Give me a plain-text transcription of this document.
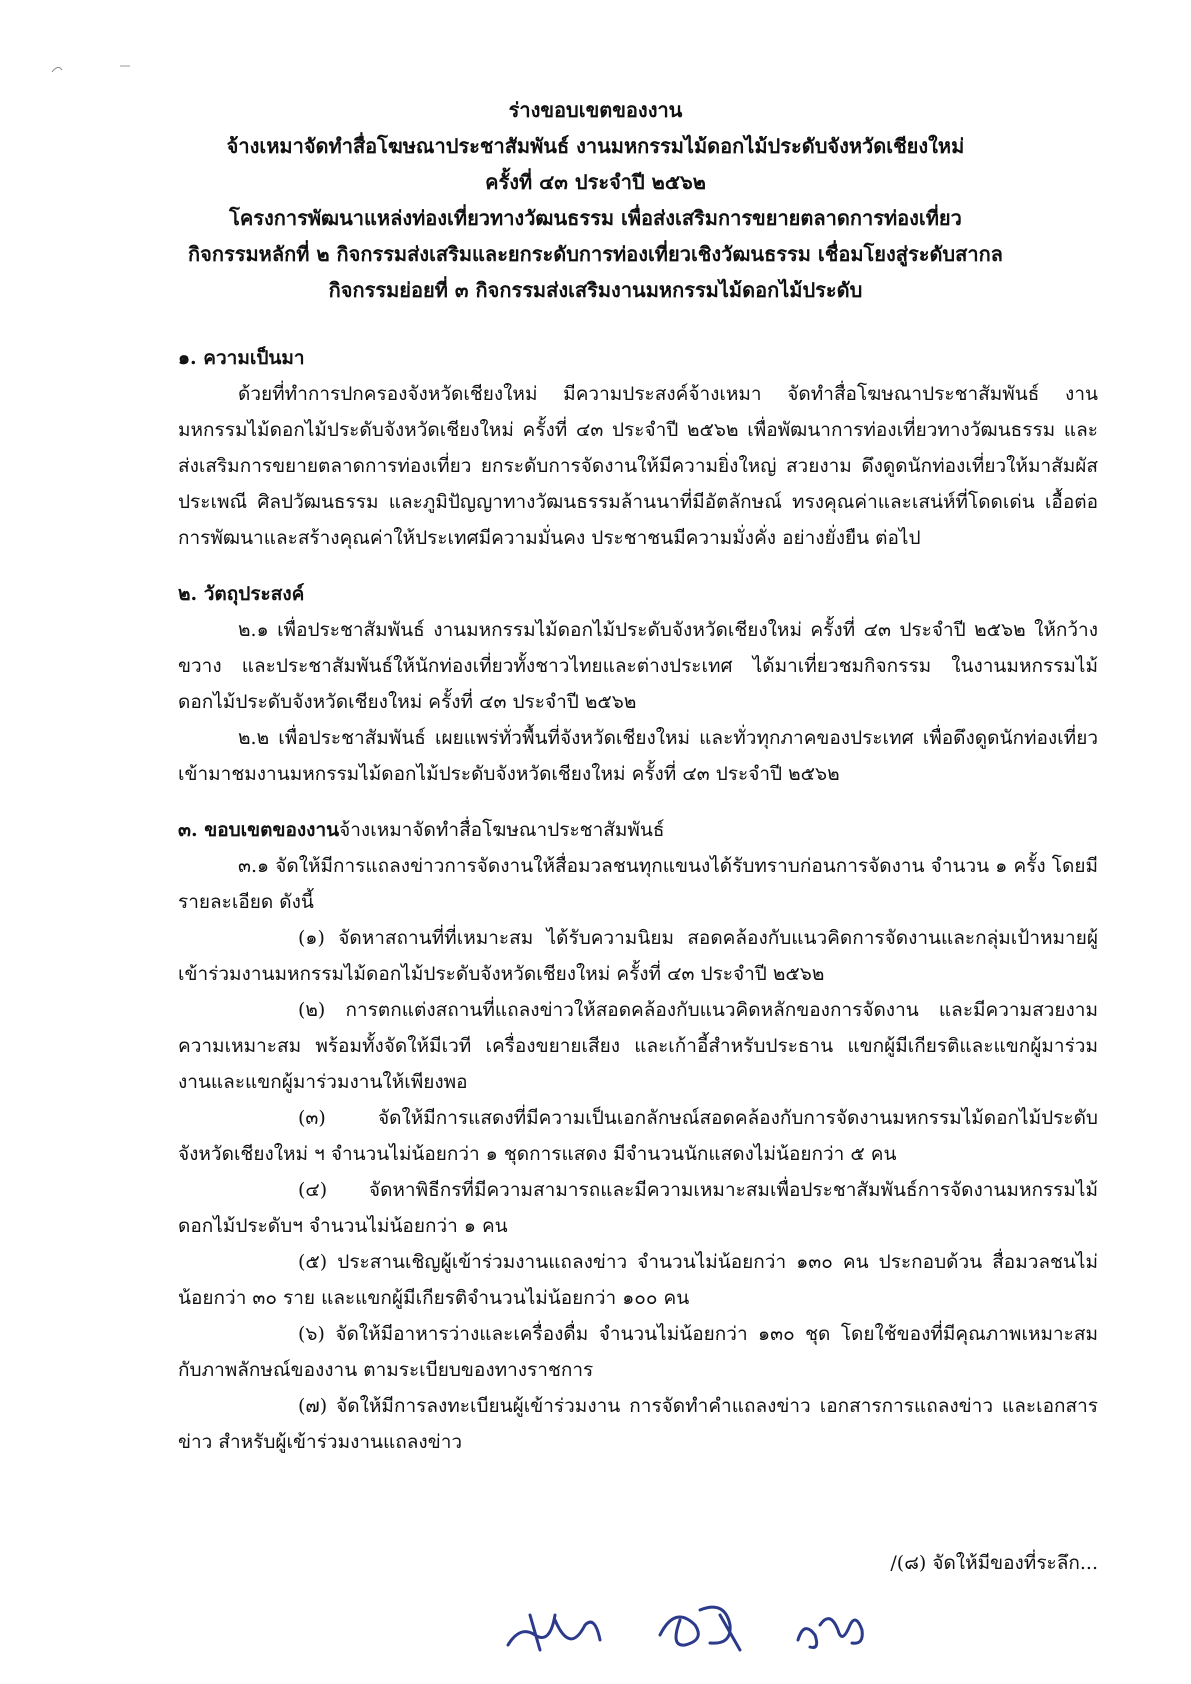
ร่างขอบเขตของงาน
จ้างเหมาจัดทำสื่อโฆษณาประชาสัมพันธ์ งานมหกรรมไม้ดอกไม้ประดับจังหวัดเชียงใหม่
ครั้งที่ ๔๓ ประจำปี ๒๕๖๒
โครงการพัฒนาแหล่งท่องเที่ยวทางวัฒนธรรม เพื่อส่งเสริมการขยายตลาดการท่องเที่ยว
กิจกรรมหลักที่ ๒ กิจกรรมส่งเสริมและยกระดับการท่องเที่ยวเชิงวัฒนธรรม เชื่อมโยงสู่ระดับสากล
กิจกรรมย่อยที่ ๓ กิจกรรมส่งเสริมงานมหกรรมไม้ดอกไม้ประดับ
๑. ความเป็นมา
ด้วยที่ทำการปกครองจังหวัดเชียงใหม่ มีความประสงค์จ้างเหมา จัดทำสื่อโฆษณาประชาสัมพันธ์ งานมหกรรมไม้ดอกไม้ประดับจังหวัดเชียงใหม่ ครั้งที่ ๔๓ ประจำปี ๒๕๖๒ เพื่อพัฒนาการท่องเที่ยวทางวัฒนธรรม และส่งเสริมการขยายตลาดการท่องเที่ยว ยกระดับการจัดงานให้มีความยิ่งใหญ่ สวยงาม ดึงดูดนักท่องเที่ยวให้มาสัมผัสประเพณี ศิลปวัฒนธรรม และภูมิปัญญาทางวัฒนธรรมล้านนาที่มีอัตลักษณ์ ทรงคุณค่าและเสน่ห์ที่โดดเด่น เอื้อต่อการพัฒนาและสร้างคุณค่าให้ประเทศมีความมั่นคง ประชาชนมีความมั่งคั่ง อย่างยั่งยืน ต่อไป
๒. วัตถุประสงค์
๒.๑ เพื่อประชาสัมพันธ์ งานมหกรรมไม้ดอกไม้ประดับจังหวัดเชียงใหม่ ครั้งที่ ๔๓ ประจำปี ๒๕๖๒ ให้กว้างขวาง และประชาสัมพันธ์ให้นักท่องเที่ยวทั้งชาวไทยและต่างประเทศ ได้มาเที่ยวชมกิจกรรม ในงานมหกรรมไม้ดอกไม้ประดับจังหวัดเชียงใหม่ ครั้งที่ ๔๓ ประจำปี ๒๕๖๒
๒.๒ เพื่อประชาสัมพันธ์ เผยแพร่ทั่วพื้นที่จังหวัดเชียงใหม่ และทั่วทุกภาคของประเทศ เพื่อดึงดูดนักท่องเที่ยวเข้ามาชมงานมหกรรมไม้ดอกไม้ประดับจังหวัดเชียงใหม่ ครั้งที่ ๔๓ ประจำปี ๒๕๖๒
๓. ขอบเขตของงานจ้างเหมาจัดทำสื่อโฆษณาประชาสัมพันธ์
๓.๑ จัดให้มีการแถลงข่าวการจัดงานให้สื่อมวลชนทุกแขนงได้รับทราบก่อนการจัดงาน จำนวน ๑ ครั้ง โดยมีรายละเอียด ดังนี้
(๑) จัดหาสถานที่ที่เหมาะสม ได้รับความนิยม สอดคล้องกับแนวคิดการจัดงานและกลุ่มเป้าหมายผู้เข้าร่วมงานมหกรรมไม้ดอกไม้ประดับจังหวัดเชียงใหม่ ครั้งที่ ๔๓ ประจำปี ๒๕๖๒
(๒) การตกแต่งสถานที่แถลงข่าวให้สอดคล้องกับแนวคิดหลักของการจัดงาน และมีความสวยงามความเหมาะสม พร้อมทั้งจัดให้มีเวที เครื่องขยายเสียง และเก้าอี้สำหรับประธาน แขกผู้มีเกียรติและแขกผู้มาร่วมงานและแขกผู้มาร่วมงานให้เพียงพอ
(๓) จัดให้มีการแสดงที่มีความเป็นเอกลักษณ์สอดคล้องกับการจัดงานมหกรรมไม้ดอกไม้ประดับจังหวัดเชียงใหม่ ฯ จำนวนไม่น้อยกว่า ๑ ชุดการแสดง มีจำนวนนักแสดงไม่น้อยกว่า ๕ คน
(๔) จัดหาพิธีกรที่มีความสามารถและมีความเหมาะสมเพื่อประชาสัมพันธ์การจัดงานมหกรรมไม้ดอกไม้ประดับฯ จำนวนไม่น้อยกว่า ๑ คน
(๕) ประสานเชิญผู้เข้าร่วมงานแถลงข่าว จำนวนไม่น้อยกว่า ๑๓๐ คน ประกอบด้วน สื่อมวลชนไม่น้อยกว่า ๓๐ ราย และแขกผู้มีเกียรติจำนวนไม่น้อยกว่า ๑๐๐ คน
(๖) จัดให้มีอาหารว่างและเครื่องดื่ม จำนวนไม่น้อยกว่า ๑๓๐ ชุด โดยใช้ของที่มีคุณภาพเหมาะสมกับภาพลักษณ์ของงาน ตามระเบียบของทางราชการ
(๗) จัดให้มีการลงทะเบียนผู้เข้าร่วมงาน การจัดทำคำแถลงข่าว เอกสารการแถลงข่าว และเอกสารข่าว สำหรับผู้เข้าร่วมงานแถลงข่าว
/(๘) จัดให้มีของที่ระลึก...
